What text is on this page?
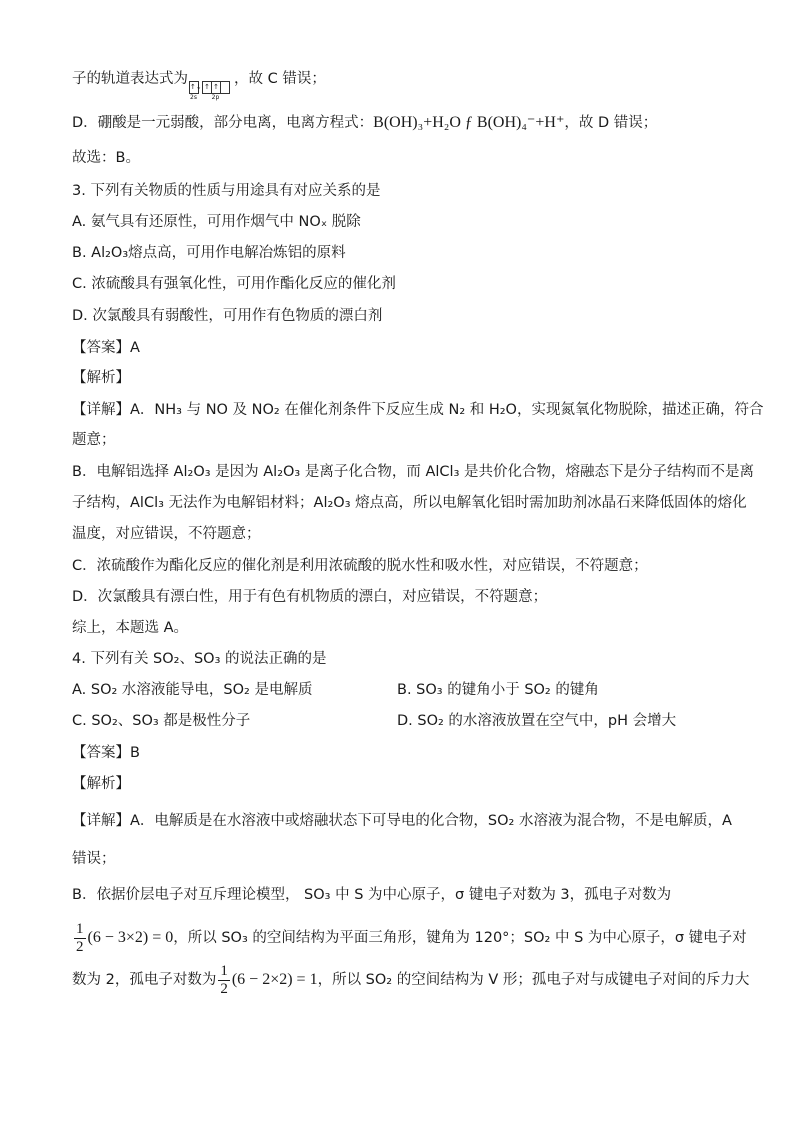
子的轨道表达式为 ↑↓
2s
↑ ↑
2p
，故 C 错误；
D．硼酸是一元弱酸，部分电离，电离方程式：B(OH)₃+H₂O ƒ B(OH)₄⁻+H⁺，故 D 错误；
故选：B。
3. 下列有关物质的性质与用途具有对应关系的是
A. 氨气具有还原性，可用作烟气中 NOₓ 脱除
B. Al₂O₃熔点高，可用作电解冶炼铝的原料
C. 浓硫酸具有强氧化性，可用作酯化反应的催化剂
D. 次氯酸具有弱酸性，可用作有色物质的漂白剂
【答案】A
【解析】
【详解】A．NH₃ 与 NO 及 NO₂ 在催化剂条件下反应生成 N₂ 和 H₂O，实现氮氧化物脱除，描述正确，符合
题意；
B．电解铝选择 Al₂O₃ 是因为 Al₂O₃ 是离子化合物，而 AlCl₃ 是共价化合物，熔融态下是分子结构而不是离
子结构，AlCl₃ 无法作为电解铝材料；Al₂O₃ 熔点高，所以电解氧化铝时需加助剂冰晶石来降低固体的熔化
温度，对应错误，不符题意；
C．浓硫酸作为酯化反应的催化剂是利用浓硫酸的脱水性和吸水性，对应错误，不符题意；
D．次氯酸具有漂白性，用于有色有机物质的漂白，对应错误，不符题意；
综上，本题选 A。
4. 下列有关 SO₂、SO₃ 的说法正确的是
A. SO₂ 水溶液能导电，SO₂ 是电解质	B. SO₃ 的键角小于 SO₂ 的键角
C. SO₂、SO₃ 都是极性分子	D. SO₂ 的水溶液放置在空气中，pH 会增大
【答案】B
【解析】
【详解】A．电解质是在水溶液中或熔融状态下可导电的化合物，SO₂ 水溶液为混合物，不是电解质，A
错误；
B．依据价层电子对互斥理论模型， SO₃ 中 S 为中心原子，σ 键电子对数为 3，孤电子对数为
$\frac{1}{2} (6 - 3\times 2) = 0$，所以 SO₃ 的空间结构为平面三角形，键角为 120°；SO₂ 中 S 为中心原子，σ 键电子对
数为 2，孤电子对数为 $\frac{1}{2} (6 - 2\times 2) = 1$，所以 SO₂ 的空间结构为 V 形；孤电子对与成键电子对间的斥力大
